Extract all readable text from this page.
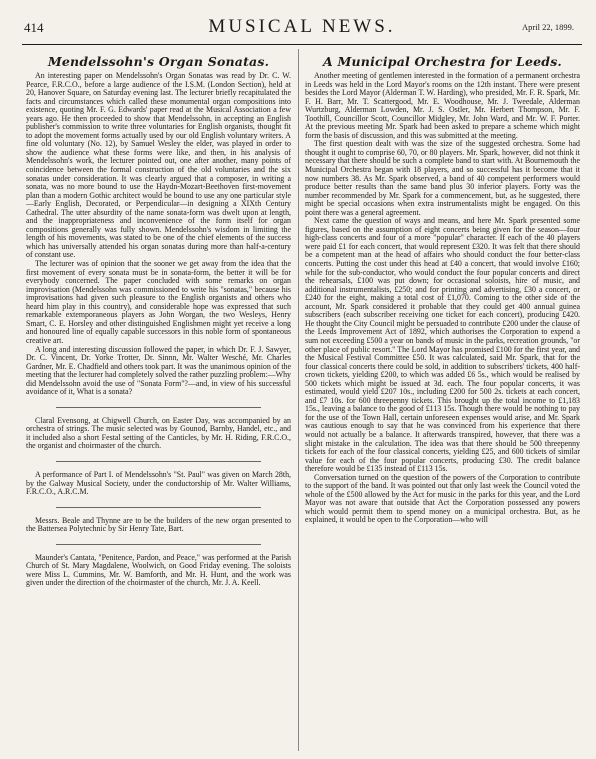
414	MUSICAL NEWS.	April 22, 1899.
Mendelssohn's Organ Sonatas.

An interesting paper on Mendelssohn's Organ Sonatas was read by Dr. C. W. Pearce, F.R.C.O., before a large audience of the I.S.M. (London Section), held at 20, Hanover Square, on Saturday evening last. The lecturer briefly recapitulated the facts and circumstances which called these monumental organ compositions into existence, quoting Mr. F. G. Edwards' paper read at the Musical Association a few years ago. He then proceeded to show that Mendelssohn, in accepting an English publisher's commission to write three voluntaries for English organists, thought fit to adopt the movement forms actually used by our old English voluntary writers. A fine old voluntary (No. 12), by Samuel Wesley the elder, was played in order to show the audience what these forms were like, and then, in his analysis of Mendelssohn's work, the lecturer pointed out, one after another, many points of coincidence between the formal construction of the old voluntaries and the six sonatas under consideration. It was clearly argued that a composer, in writing a sonata, was no more bound to use the Haydn-Mozart-Beethoven first-movement plan than a modern Gothic architect would be bound to use any one particular style—Early English, Decorated, or Perpendicular—in designing a XIXth Century Cathedral. The utter absurdity of the name sonata-form was dwelt upon at length, and the inappropriateness and inconvenience of the form itself for organ compositions generally was fully shown. Mendelssohn's wisdom in limiting the length of his movements, was stated to be one of the chief elements of the success which has universally attended his organ sonatas during more than half-a-century of constant use.

The lecturer was of opinion that the sooner we get away from the idea that the first movement of every sonata must be in sonata-form, the better it will be for everybody concerned. The paper concluded with some remarks on organ improvisation (Mendelssohn was commissioned to write his "sonatas," because his improvisations had given such pleasure to the English organists and others who heard him play in this country), and considerable hope was expressed that such remarkable extemporaneous players as John Worgan, the two Wesleys, Henry Smart, C. E. Horsley and other distinguished Englishmen might yet receive a long and honoured line of equally capable successors in this noble form of spontaneous creative art.

A long and interesting discussion followed the paper, in which Dr. F. J. Sawyer, Dr. C. Vincent, Dr. Yorke Trotter, Dr. Sinnn, Mr. Walter Wesché, Mr. Charles Gardner, Mr. E. Chadfield and others took part. It was the unanimous opinion of the meeting that the lecturer had completely solved the rather puzzling problem:—Why did Mendelssohn avoid the use of "Sonata Form"?—and, in view of his successful avoidance of it, What is a sonata?

Claral Evensong, at Chigwell Church, on Easter Day, was accompanied by an orchestra of strings. The music selected was by Gounod, Barnby, Handel, etc., and it included also a short Festal setting of the Canticles, by Mr. H. Riding, F.R.C.O., the organist and choirmaster of the church.

A performance of Part I. of Mendelssohn's "St. Paul" was given on March 28th, by the Galway Musical Society, under the conductorship of Mr. Walter Williams, F.R.C.O., A.R.C.M.

Messrs. Beale and Thynne are to be the builders of the new organ presented to the Battersea Polytechnic by Sir Henry Tate, Bart.

Maunder's Cantata, "Penitence, Pardon, and Peace," was performed at the Parish Church of St. Mary Magdalene, Woolwich, on Good Friday evening. The soloists were Miss L. Cummins, Mr. W. Bamforth, and Mr. H. Hunt, and the work was given under the direction of the choirmaster of the church, Mr. J. A. Keell.

A Municipal Orchestra for Leeds.

Another meeting of gentlemen interested in the formation of a permanent orchestra in Leeds was held in the Lord Mayor's rooms on the 12th instant. There were present besides the Lord Mayor (Alderman T. W. Harding), who presided, Mr. F. R. Spark, Mr. F. H. Barr, Mr. T. Scattergood, Mr. E. Woodhouse, Mr. J. Tweedale, Alderman Wurtzburg, Alderman Lowden, Mr. J. S. Ostler, Mr. Herbert Thompson, Mr. F. Toothill, Councillor Scott, Councillor Midgley, Mr. John Ward, and Mr. W. F. Porter. At the previous meeting Mr. Spark had been asked to prepare a scheme which might form the basis of discussion, and this was submitted at the meeting.

The first question dealt with was the size of the suggested orchestra. Some had thought it ought to comprise 60, 70, or 80 players. Mr. Spark, however, did not think it necessary that there should be such a complete band to start with. At Bournemouth the Municipal Orchestra began with 18 players, and so successful has it become that it now numbers 38. As Mr. Spark observed, a band of 40 competent performers would produce better results than the same band plus 30 inferior players. Forty was the number recommended by Mr. Spark for a commencement, but, as he suggested, there might be special occasions when extra instrumentalists might be engaged. On this point there was a general agreement.

Next came the question of ways and means, and here Mr. Spark presented some figures, based on the assumption of eight concerts being given for the season—four high-class concerts and four of a more "popular" character. If each of the 40 players were paid £1 for each concert, that would represent £320. It was felt that there should be a competent man at the head of affairs who should conduct the four better-class concerts. Putting the cost under this head at £40 a concert, that would involve £160; while for the sub-conductor, who would conduct the four popular concerts and direct the rehearsals, £100 was put down; for occasional soloists, hire of music, and additional instrumentalists, £250; and for printing and advertising, £30 a concert, or £240 for the eight, making a total cost of £1,070. Coming to the other side of the account, Mr. Spark considered it probable that they could get 400 annual guinea subscribers (each subscriber receiving one ticket for each concert), producing £420. He thought the City Council might be persuaded to contribute £200 under the clause of the Leeds Improvement Act of 1892, which authorises the Corporation to expend a sum not exceeding £500 a year on bands of music in the parks, recreation grounds, "or other place of public resort." The Lord Mayor has promised £100 for the first year, and the Musical Festival Committee £50. It was calculated, said Mr. Spark, that for the four classical concerts there could be sold, in addition to subscribers' tickets, 400 half-crown tickets, yielding £200, to which was added £6 5s., which would be realised by 500 tickets which might be issued at 3d. each. The four popular concerts, it was estimated, would yield £207 10s., including £200 for 500 2s. tickets at each concert, and £7 10s. for 600 threepenny tickets. This brought up the total income to £1,183 15s., leaving a balance to the good of £113 15s. Though there would be nothing to pay for the use of the Town Hall, certain unforeseen expenses would arise, and Mr. Spark was cautious enough to say that he was convinced from his experience that there would not actually be a balance. It afterwards transpired, however, that there was a slight mistake in the calculation. The idea was that there should be 500 threepenny tickets for each of the four classical concerts, yielding £25, and 600 tickets of similar value for each of the four popular concerts, producing £30. The credit balance therefore would be £135 instead of £113 15s.

Conversation turned on the question of the powers of the Corporation to contribute to the support of the band. It was pointed out that only last week the Council voted the whole of the £500 allowed by the Act for music in the parks for this year, and the Lord Mayor was not aware that outside that Act the Corporation possessed any powers which would permit them to spend money on a municipal orchestra. But, as he explained, it would be open to the Corporation—who will
